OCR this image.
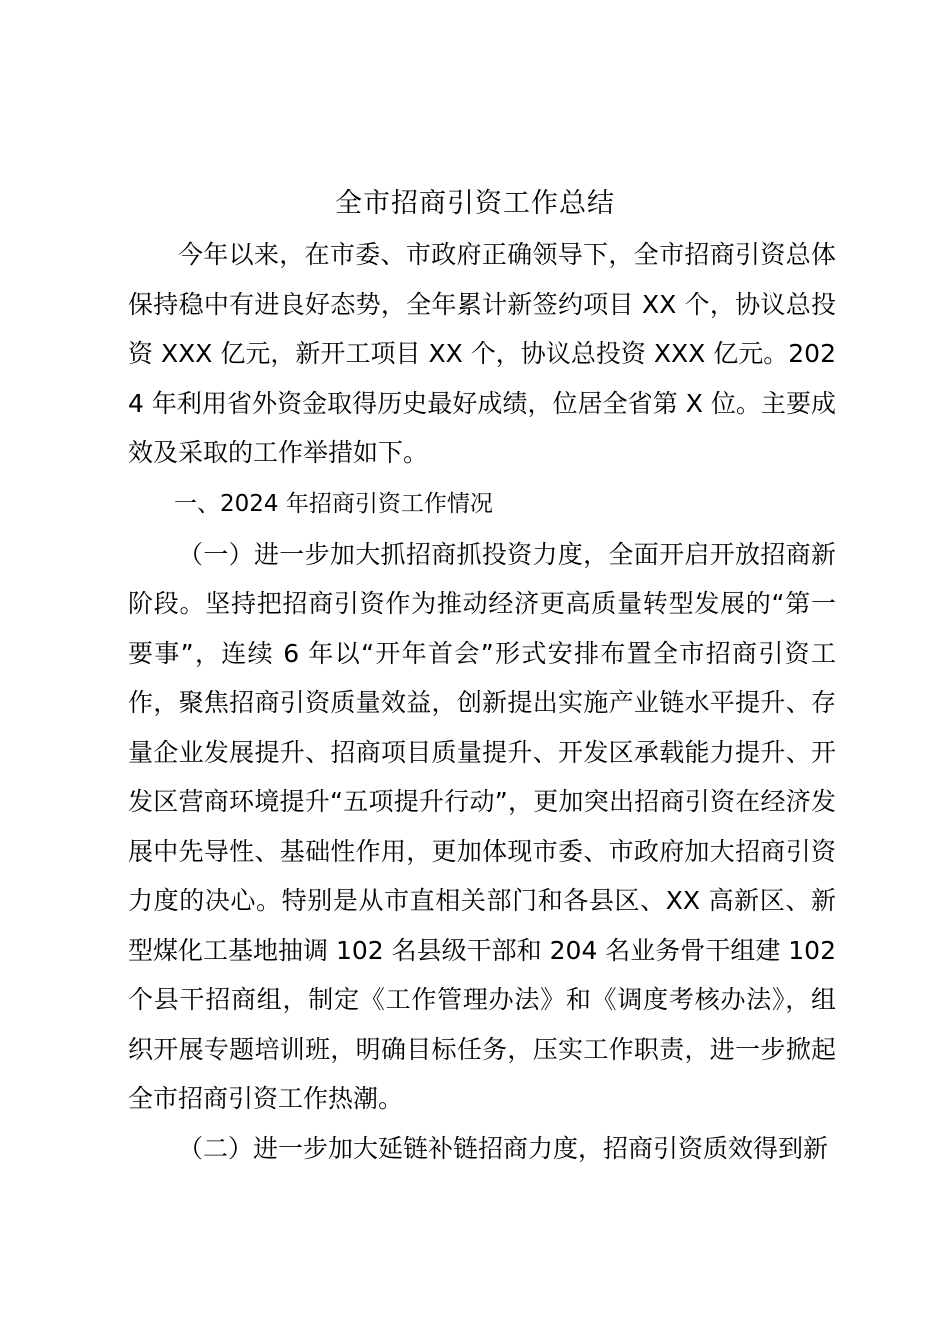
全市招商引资工作总结

今年以来，在市委、市政府正确领导下，全市招商引资总体保持稳中有进良好态势，全年累计新签约项目 XX 个，协议总投资 XXX 亿元，新开工项目 XX 个，协议总投资 XXX 亿元。2024 年利用省外资金取得历史最好成绩，位居全省第 X 位。主要成效及采取的工作举措如下。

一、2024 年招商引资工作情况

（一）进一步加大抓招商抓投资力度，全面开启开放招商新阶段。坚持把招商引资作为推动经济更高质量转型发展的“第一要事”，连续 6 年以“开年首会”形式安排布置全市招商引资工作，聚焦招商引资质量效益，创新提出实施产业链水平提升、存量企业发展提升、招商项目质量提升、开发区承载能力提升、开发区营商环境提升“五项提升行动”，更加突出招商引资在经济发展中先导性、基础性作用，更加体现市委、市政府加大招商引资力度的决心。特别是从市直相关部门和各县区、XX 高新区、新型煤化工基地抽调 102 名县级干部和 204 名业务骨干组建 102 个县干招商组，制定《工作管理办法》和《调度考核办法》，组织开展专题培训班，明确目标任务，压实工作职责，进一步掀起全市招商引资工作热潮。

（二）进一步加大延链补链招商力度，招商引资质效得到新
